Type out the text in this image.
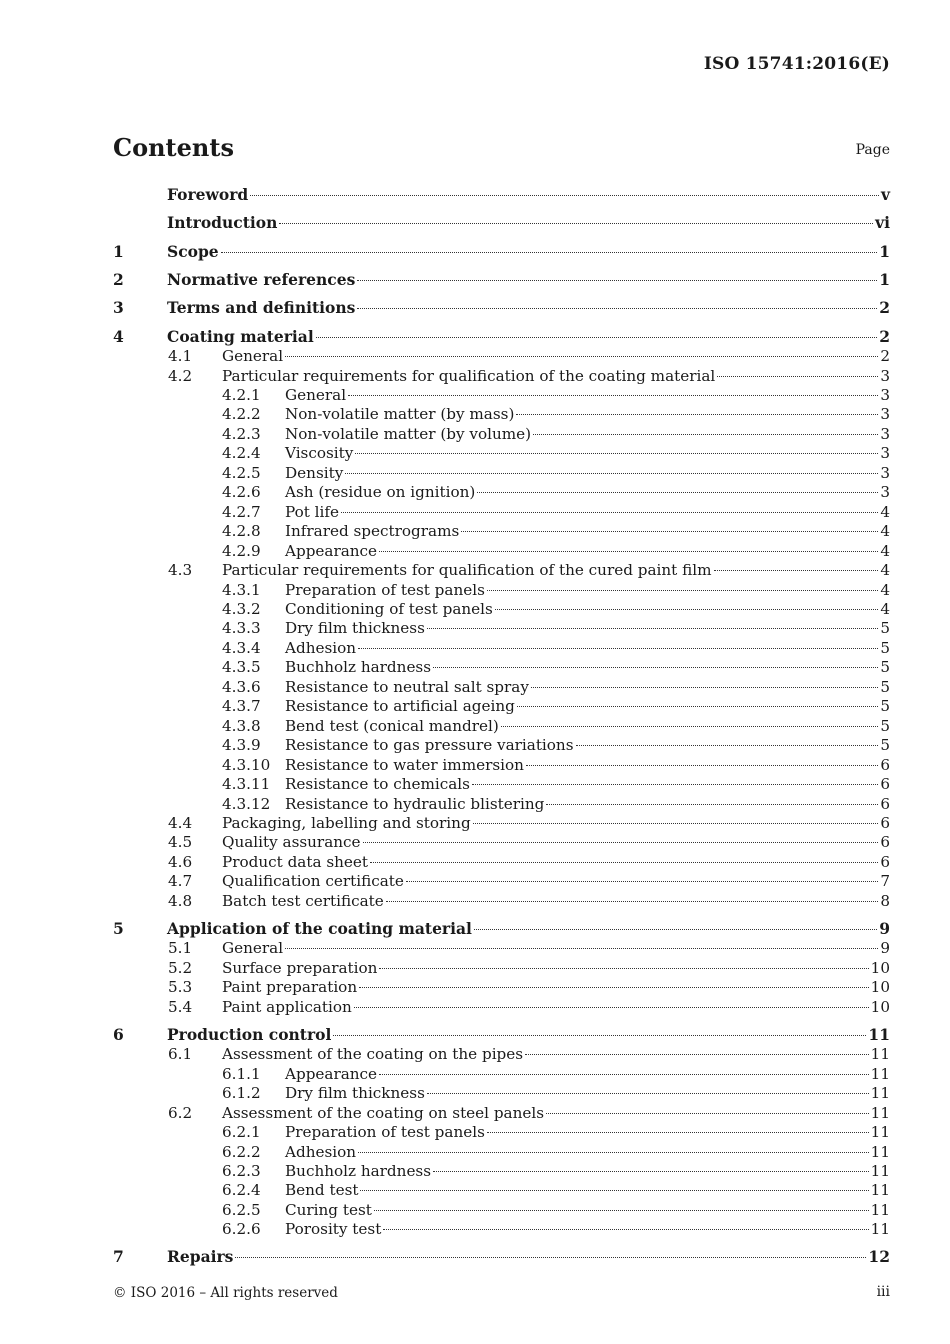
ISO 15741:2016(E)
Contents	Page
Foreword	v
Introduction	vi
1	Scope	1
2	Normative references	1
3	Terms and definitions	2
4	Coating material	2
4.1 General	2
4.2 Particular requirements for qualification of the coating material	3
4.2.1 General	3
4.2.2 Non-volatile matter (by mass)	3
4.2.3 Non-volatile matter (by volume)	3
4.2.4 Viscosity	3
4.2.5 Density	3
4.2.6 Ash (residue on ignition)	3
4.2.7 Pot life	4
4.2.8 Infrared spectrograms	4
4.2.9 Appearance	4
4.3 Particular requirements for qualification of the cured paint film	4
4.3.1 Preparation of test panels	4
4.3.2 Conditioning of test panels	4
4.3.3 Dry film thickness	5
4.3.4 Adhesion	5
4.3.5 Buchholz hardness	5
4.3.6 Resistance to neutral salt spray	5
4.3.7 Resistance to artificial ageing	5
4.3.8 Bend test (conical mandrel)	5
4.3.9 Resistance to gas pressure variations	5
4.3.10 Resistance to water immersion	6
4.3.11 Resistance to chemicals	6
4.3.12 Resistance to hydraulic blistering	6
4.4 Packaging, labelling and storing	6
4.5 Quality assurance	6
4.6 Product data sheet	6
4.7 Qualification certificate	7
4.8 Batch test certificate	8
5	Application of the coating material	9
5.1 General	9
5.2 Surface preparation	10
5.3 Paint preparation	10
5.4 Paint application	10
6	Production control	11
6.1 Assessment of the coating on the pipes	11
6.1.1 Appearance	11
6.1.2 Dry film thickness	11
6.2 Assessment of the coating on steel panels	11
6.2.1 Preparation of test panels	11
6.2.2 Adhesion	11
6.2.3 Buchholz hardness	11
6.2.4 Bend test	11
6.2.5 Curing test	11
6.2.6 Porosity test	11
7	Repairs	12
© ISO 2016 – All rights reserved	iii
